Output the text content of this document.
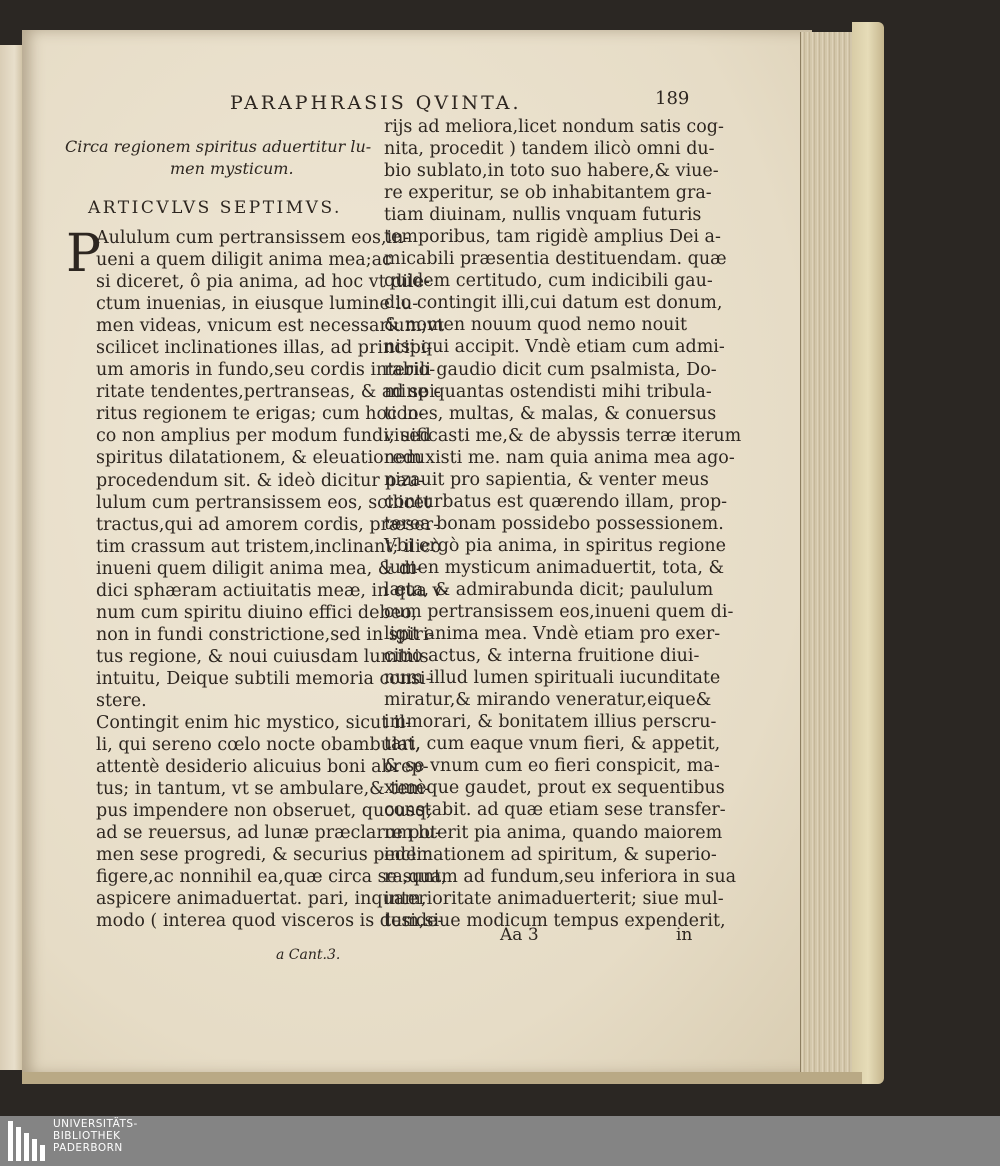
PARAPHRASIS QVINTA.	189
Circa regionem spiritus aduertitur lu-
men mysticum.
ARTICVLVS SEPTIMVS.
P
Aululum cum pertransissem eos,in-
ueni a quem diligit anima mea;ac
si diceret, ô pia anima, ad hoc vt dile-
ctum inuenias, in eiusque lumine lu-
men videas, vnicum est necessarium;vt
scilicet inclinationes illas, ad principi-
um amoris in fundo,seu cordis interio-
ritate tendentes,pertranseas, & ad spi-
ritus regionem te erigas; cum hoc lo-
co non amplius per modum fundi; sed
spiritus dilatationem, & eleuationem
procedendum sit. & ideò dicitur pau-
lulum cum pertransissem eos, scilicet
tractus,qui ad amorem cordis, præser-
tim crassum aut tristem,inclinant; ilicò
inueni quem diligit anima mea, & di-
dici sphæram actiuitatis meæ, in qua v-
num cum spiritu diuino effici debeo,
non in fundi constrictione,sed in spiri-
tus regione, & noui cuiusdam luminis
intuitu, Deique subtili memoria consi-
stere.
Contingit enim hic mystico, sicut il-
li, qui sereno cœlo nocte obambulat,
attentè desiderio alicuius boni abrep-
tus; in tantum, vt se ambulare,& tem-
pus impendere non obseruet, quousq;
ad se reuersus, ad lunæ præclarum lu-
men sese progredi, & securius pedem
figere,ac nonnihil ea,quæ circa se sunt,
aspicere animaduertat. pari, inquam,
modo ( interea quod visceros is deside-
rijs ad meliora,licet nondum satis cog-
nita, procedit ) tandem ilicò omni du-
bio sublato,in toto suo habere,& viue-
re experitur, se ob inhabitantem gra-
tiam diuinam, nullis vnquam futuris
temporibus, tam rigidè amplius Dei a-
micabili præsentia destituendam. quæ
quidem certitudo, cum indicibili gau-
dio contingit illi,cui datum est donum,
& nomen nouum quod nemo nouit
nisi qui accipit. Vndè etiam cum admi-
rabili gaudio dicit cum psalmista, Do-
mine quantas ostendisti mihi tribula-
tiones, multas, & malas, & conuersus
viuificasti me,& de abyssis terræ iterum
reduxisti me. nam quia anima mea ago-
nizauit pro sapientia, & venter meus
conturbatus est quærendo illam, prop-
terea bonam possidebo possessionem.
Vbi ergò pia anima, in spiritus regione
lumen mysticum animaduertit, tota, &
læta, & admirabunda dicit; paululum
cum pertransissem eos,inueni quem di-
ligit anima mea. Vndè etiam pro exer-
citio actus, & interna fruitione diui-
num illud lumen spirituali iucunditate
miratur,& mirando veneratur,eique&
immorari, & bonitatem illius perscru-
tari, cum eaque vnum fieri, & appetit,
& se vnum cum eo fieri conspicit, ma-
ximèque gaudet, prout ex sequentibus
constabit. ad quæ etiam sese transfer-
re poterit pia anima, quando maiorem
inclinationem ad spiritum, & superio-
ra,quam ad fundum,seu inferiora in sua
interioritate animaduerterit; siue mul-
tum,siue modicum tempus expenderit,
Aa 3	in
a Cant.3.
UNIVERSITÄTS-
BIBLIOTHEK
PADERBORN
